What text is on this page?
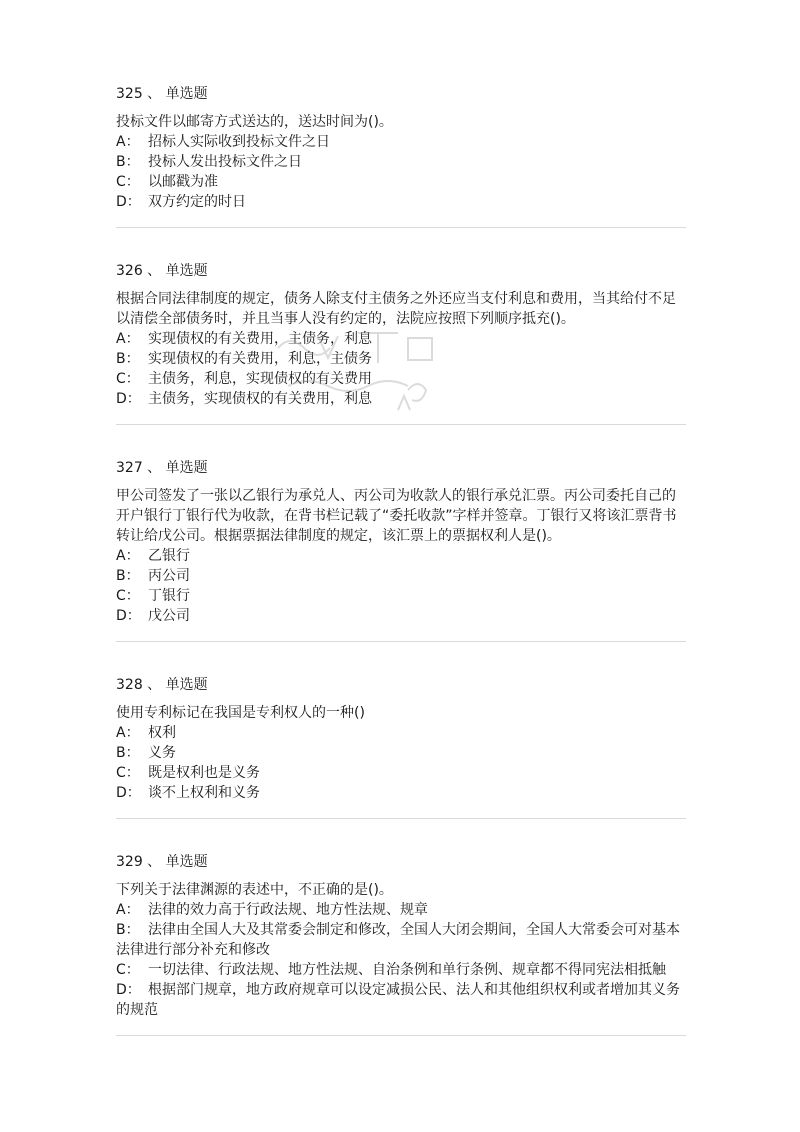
325 、 单选题

投标文件以邮寄方式送达的，送达时间为()。

A： 招标人实际收到投标文件之日

B： 投标人发出投标文件之日

C： 以邮戳为准

D： 双方约定的时日

326 、 单选题

根据合同法律制度的规定，债务人除支付主债务之外还应当支付利息和费用，当其给付不足以清偿全部债务时，并且当事人没有约定的，法院应按照下列顺序抵充()。

A： 实现债权的有关费用，主债务，利息

B： 实现债权的有关费用，利息，主债务

C： 主债务，利息，实现债权的有关费用

D： 主债务，实现债权的有关费用，利息

327 、 单选题

甲公司签发了一张以乙银行为承兑人、丙公司为收款人的银行承兑汇票。丙公司委托自己的开户银行丁银行代为收款，在背书栏记载了“委托收款”字样并签章。丁银行又将该汇票背书转让给戊公司。根据票据法律制度的规定，该汇票上的票据权利人是()。

A： 乙银行

B： 丙公司

C： 丁银行

D： 戊公司

328 、 单选题

使用专利标记在我国是专利权人的一种()

A： 权利

B： 义务

C： 既是权利也是义务

D： 谈不上权利和义务

329 、 单选题

下列关于法律渊源的表述中，不正确的是()。

A： 法律的效力高于行政法规、地方性法规、规章

B： 法律由全国人大及其常委会制定和修改，全国人大闭会期间，全国人大常委会可对基本法律进行部分补充和修改

C： 一切法律、行政法规、地方性法规、自治条例和单行条例、规章都不得同宪法相抵触

D： 根据部门规章，地方政府规章可以设定减损公民、法人和其他组织权利或者增加其义务的规范
